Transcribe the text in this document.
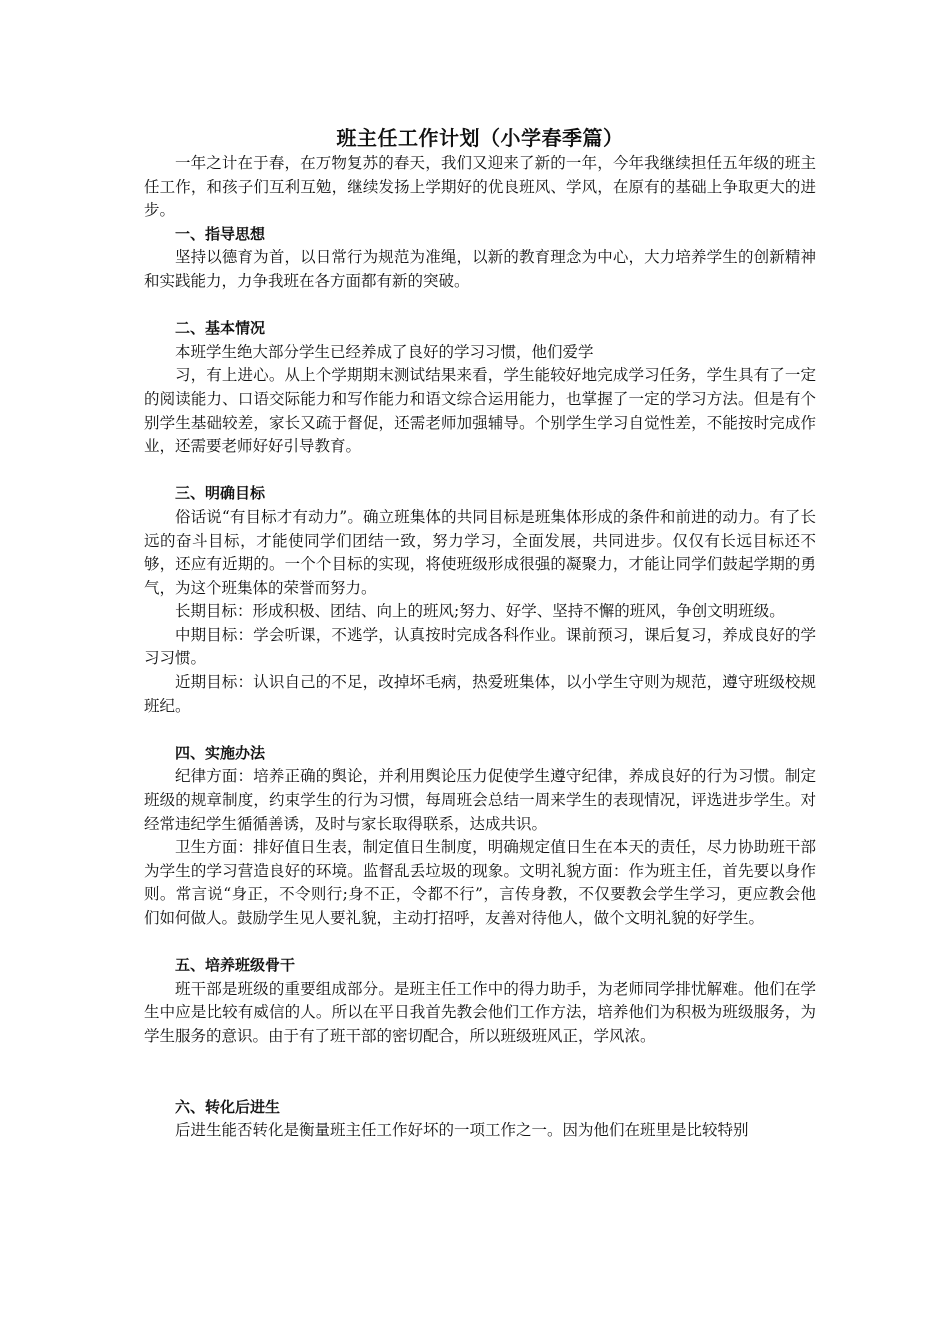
班主任工作计划（小学春季篇）

一年之计在于春，在万物复苏的春天，我们又迎来了新的一年，今年我继续担任五年级的班主任工作，和孩子们互利互勉，继续发扬上学期好的优良班风、学风，在原有的基础上争取更大的进步。

一、指导思想

坚持以德育为首，以日常行为规范为准绳，以新的教育理念为中心，大力培养学生的创新精神和实践能力，力争我班在各方面都有新的突破。

二、基本情况

本班学生绝大部分学生已经养成了良好的学习习惯，他们爱学

习，有上进心。从上个学期期末测试结果来看，学生能较好地完成学习任务，学生具有了一定的阅读能力、口语交际能力和写作能力和语文综合运用能力，也掌握了一定的学习方法。但是有个别学生基础较差，家长又疏于督促，还需老师加强辅导。个别学生学习自觉性差，不能按时完成作业，还需要老师好好引导教育。

三、明确目标

俗话说“有目标才有动力”。确立班集体的共同目标是班集体形成的条件和前进的动力。有了长远的奋斗目标，才能使同学们团结一致，努力学习，全面发展，共同进步。仅仅有长远目标还不够，还应有近期的。一个个目标的实现，将使班级形成很强的凝聚力，才能让同学们鼓起学期的勇气，为这个班集体的荣誉而努力。

长期目标：形成积极、团结、向上的班风;努力、好学、坚持不懈的班风，争创文明班级。

中期目标：学会听课，不逃学，认真按时完成各科作业。课前预习，课后复习，养成良好的学习习惯。

近期目标：认识自己的不足，改掉坏毛病，热爱班集体，以小学生守则为规范，遵守班级校规班纪。

四、实施办法

纪律方面：培养正确的舆论，并利用舆论压力促使学生遵守纪律，养成良好的行为习惯。制定班级的规章制度，约束学生的行为习惯，每周班会总结一周来学生的表现情况，评选进步学生。对经常违纪学生循循善诱，及时与家长取得联系，达成共识。

卫生方面：排好值日生表，制定值日生制度，明确规定值日生在本天的责任，尽力协助班干部为学生的学习营造良好的环境。监督乱丢垃圾的现象。文明礼貌方面：作为班主任，首先要以身作则。常言说“身正，不令则行;身不正，令都不行”，言传身教，不仅要教会学生学习，更应教会他们如何做人。鼓励学生见人要礼貌，主动打招呼，友善对待他人，做个文明礼貌的好学生。

五、培养班级骨干

班干部是班级的重要组成部分。是班主任工作中的得力助手，为老师同学排忧解难。他们在学生中应是比较有威信的人。所以在平日我首先教会他们工作方法，培养他们为积极为班级服务，为学生服务的意识。由于有了班干部的密切配合，所以班级班风正，学风浓。

六、转化后进生

后进生能否转化是衡量班主任工作好坏的一项工作之一。因为他们在班里是比较特别
